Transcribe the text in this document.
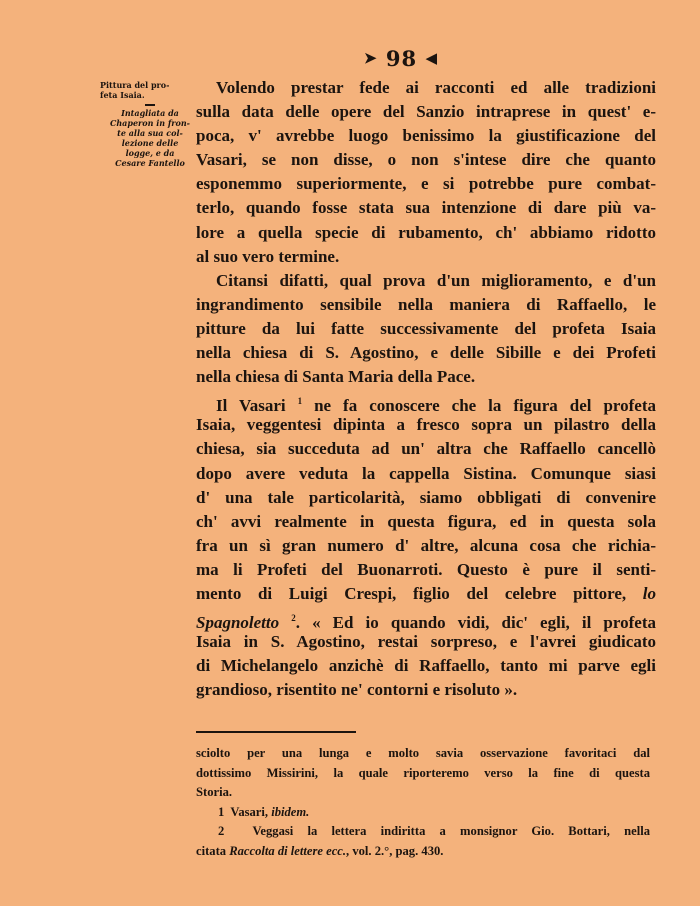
➤ 98 ◀

Pittura del pro-

feta Isaia.

Intagliata da

Chaperon in fron-

te alla sua col-

lezione delle

logge, e da

Cesare Fantello

Volendo prestar fede ai racconti ed alle tradizioni
sulla data delle opere del Sanzio intraprese in quest' e-
poca, v' avrebbe luogo benissimo la giustificazione del
Vasari, se non disse, o non s'intese dire che quanto
esponemmo superiormente, e si potrebbe pure combat-
terlo, quando fosse stata sua intenzione di dare più va-
lore a quella specie di rubamento, ch' abbiamo ridotto
al suo vero termine.
Citansi difatti, qual prova d'un miglioramento, e d'un
ingrandimento sensibile nella maniera di Raffaello, le
pitture da lui fatte successivamente del profeta Isaia
nella chiesa di S. Agostino, e delle Sibille e dei Profeti
nella chiesa di Santa Maria della Pace.
Il Vasari $^1$ ne fa conoscere che la figura del profeta
Isaia, veggentesi dipinta a fresco sopra un pilastro della
chiesa, sia succeduta ad un' altra che Raffaello cancellò
dopo avere veduta la cappella Sistina. Comunque siasi
d' una tale particolarità, siamo obbligati di convenire
ch' avvi realmente in questa figura, ed in questa sola
fra un sì gran numero d' altre, alcuna cosa che richia-
ma li Profeti del Buonarroti. Questo è pure il senti-
mento di Luigi Crespi, figlio del celebre pittore, lo
Spagnoletto $^2$. « Ed io quando vidi, dic' egli, il profeta
Isaia in S. Agostino, restai sorpreso, e l'avrei giudicato
di Michelangelo anzichè di Raffaello, tanto mi parve egli
grandioso, risentito ne' contorni e risoluto ».
sciolto per una lunga e molto savia osservazione favoritaci dal
dottissimo Missirini, la quale riporteremo verso la fine di questa
Storia.
1 Vasari, ibidem.
2 Veggasi la lettera indiritta a monsignor Gio. Bottari, nella
citata Raccolta di lettere ecc., vol. 2.°, pag. 430.
